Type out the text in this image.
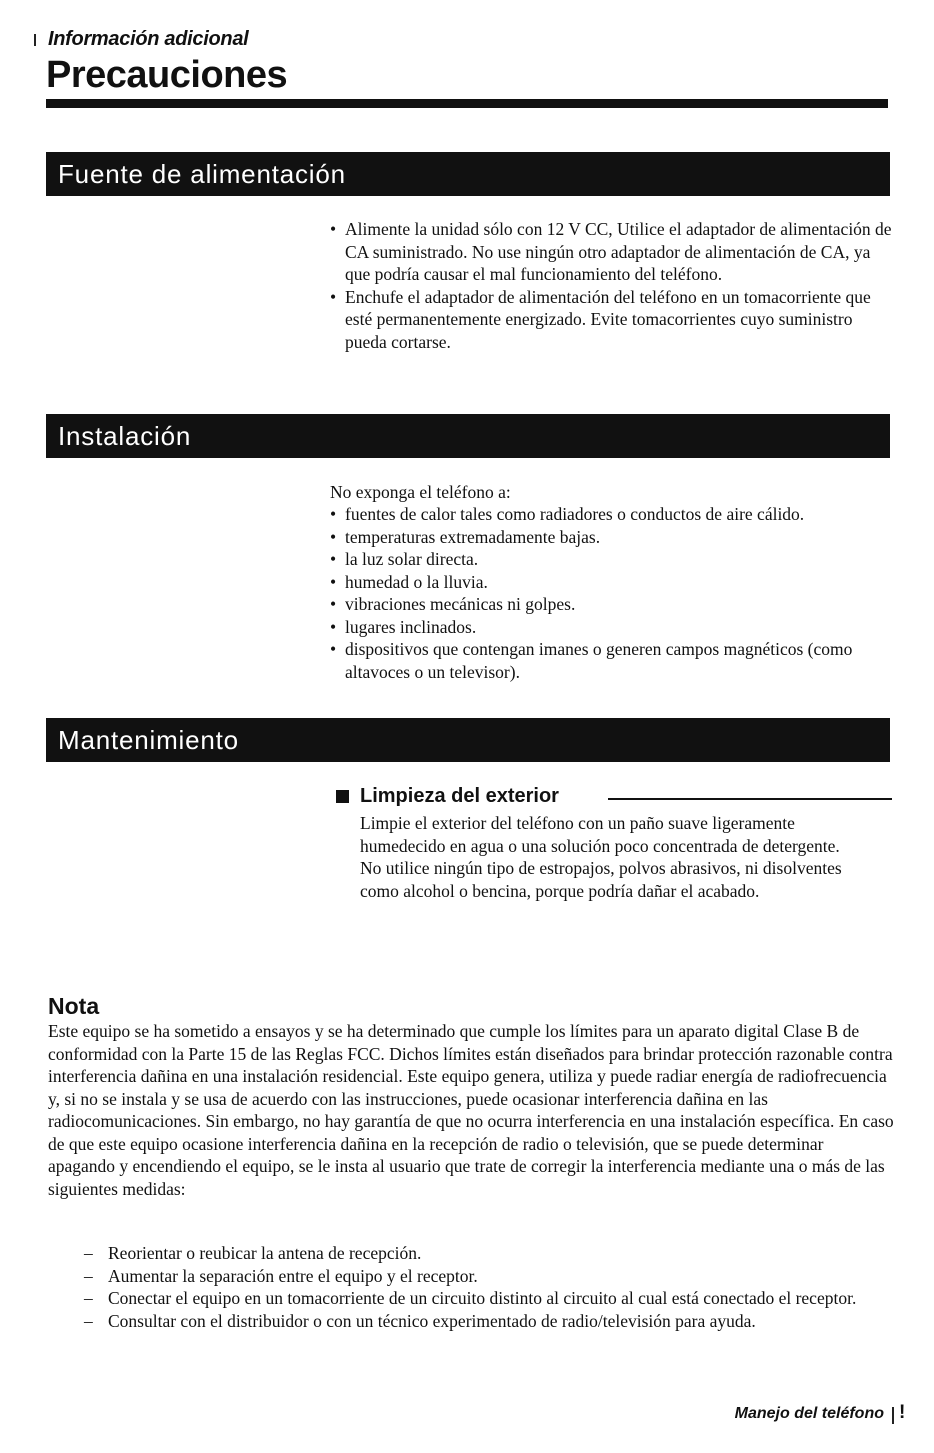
Información adicional
Precauciones
Fuente de alimentación
• Alimente la unidad sólo con 12 V CC, Utilice el adaptador de alimentación de CA suministrado. No use ningún otro adaptador de alimentación de CA, ya que podría causar el mal funcionamiento del teléfono.
• Enchufe el adaptador de alimentación del teléfono en un tomacorriente que esté permanentemente energizado. Evite tomacorrientes cuyo suministro pueda cortarse.
Instalación
No exponga el teléfono a:
• fuentes de calor tales como radiadores o conductos de aire cálido.
• temperaturas extremadamente bajas.
• la luz solar directa.
• humedad o la lluvia.
• vibraciones mecánicas ni golpes.
• lugares inclinados.
• dispositivos que contengan imanes o generen campos magnéticos (como altavoces o un televisor).
Mantenimiento
Limpieza del exterior
Limpie el exterior del teléfono con un paño suave ligeramente humedecido en agua o una solución poco concentrada de detergente.
No utilice ningún tipo de estropajos, polvos abrasivos, ni disolventes como alcohol o bencina, porque podría dañar el acabado.
Nota
Este equipo se ha sometido a ensayos y se ha determinado que cumple los límites para un aparato digital Clase B de conformidad con la Parte 15 de las Reglas FCC. Dichos límites están diseñados para brindar protección razonable contra interferencia dañina en una instalación residencial. Este equipo genera, utiliza y puede radiar energía de radiofrecuencia y, si no se instala y se usa de acuerdo con las instrucciones, puede ocasionar interferencia dañina en las radiocomunicaciones. Sin embargo, no hay garantía de que no ocurra interferencia en una instalación específica. En caso de que este equipo ocasione interferencia dañina en la recepción de radio o televisión, que se puede determinar apagando y encendiendo el equipo, se le insta al usuario que trate de corregir la interferencia mediante una o más de las siguientes medidas:
– Reorientar o reubicar la antena de recepción.
– Aumentar la separación entre el equipo y el receptor.
– Conectar el equipo en un tomacorriente de un circuito distinto al circuito al cual está conectado el receptor.
– Consultar con el distribuidor o con un técnico experimentado de radio/televisión para ayuda.
Manejo del teléfono !
